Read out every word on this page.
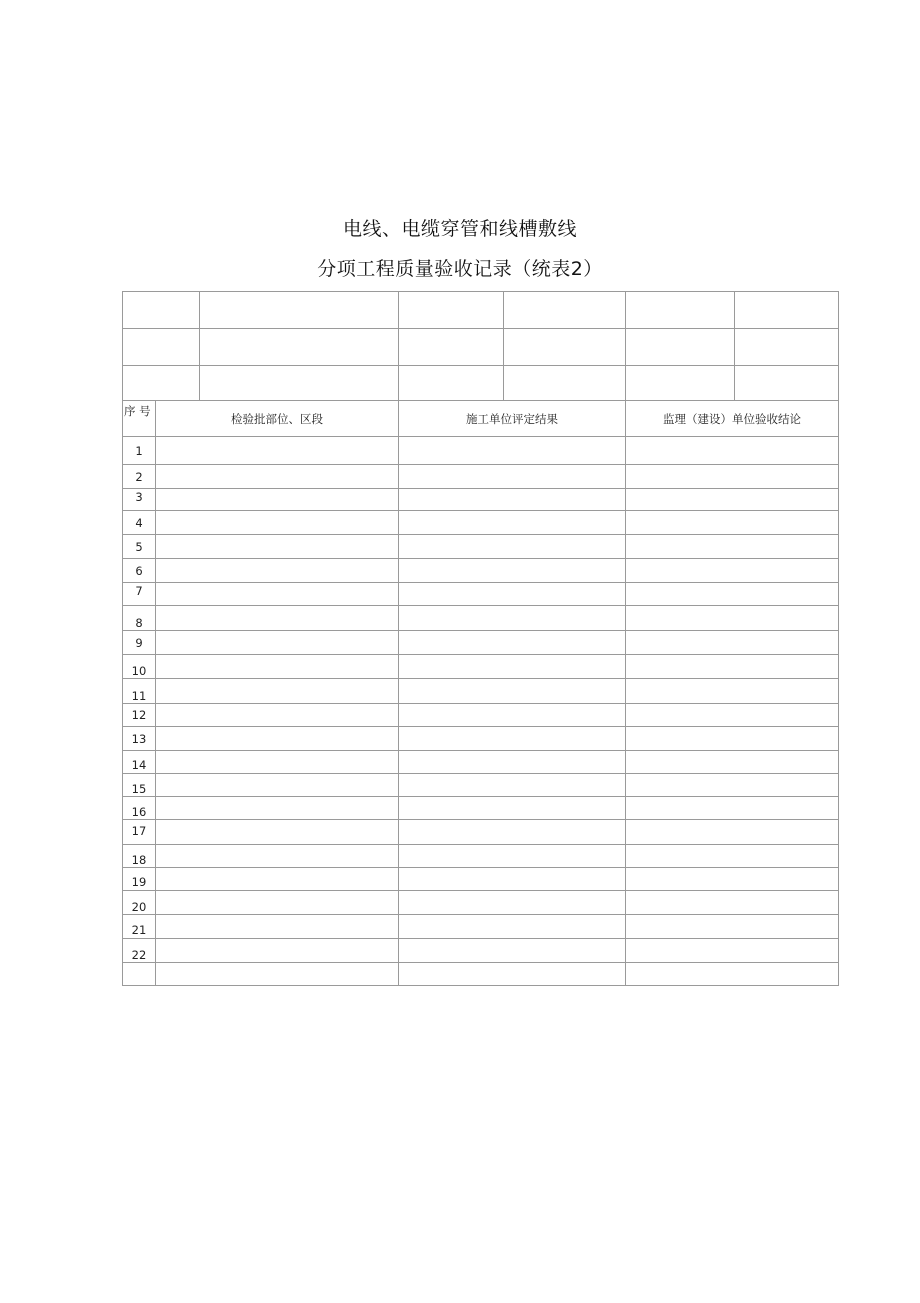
电线、电缆穿管和线槽敷线
分项工程质量验收记录（统表2）
序 号
检验批部位、区段	施工单位评定结果	监理（建设）单位验收结论
1
2
3
4
5
6
7
8
9
10
11
12
13
14
15
16
17
18
19
20
21
22
